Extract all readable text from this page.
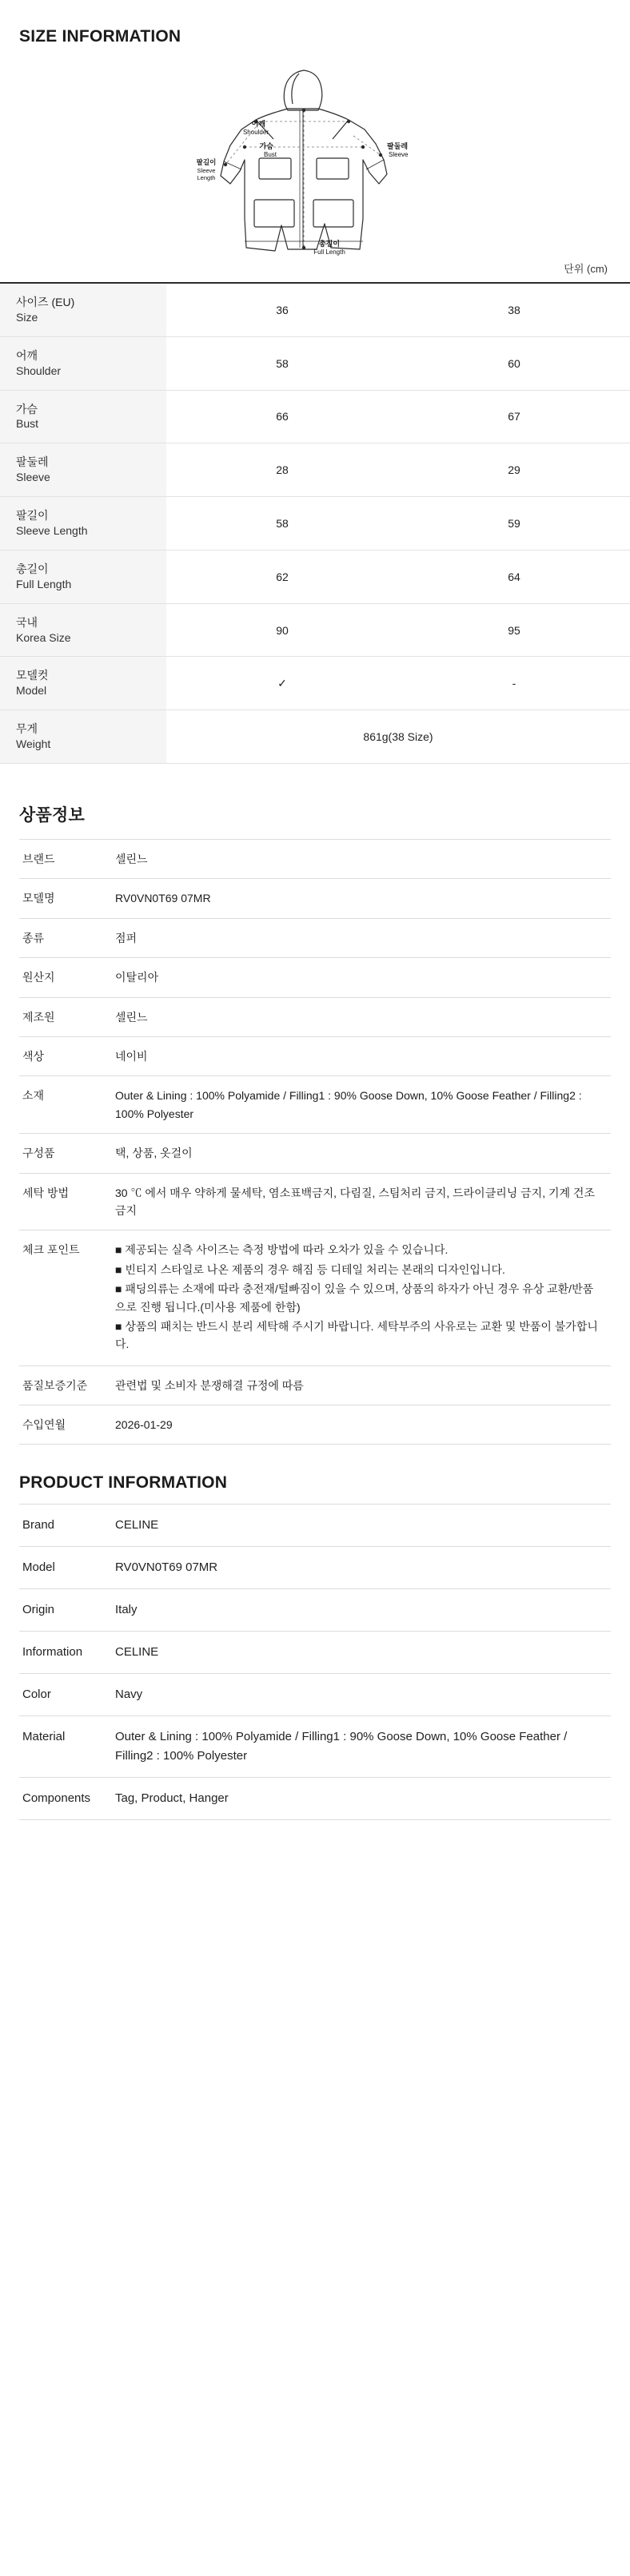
SIZE INFORMATION
팔길이
Sleeve
Length
어깨
Shoulder
가슴
Bust
팔둘레
Sleeve
총길이
Full Length
단위 (cm)
사이즈 (EU)
Size	36	38

어깨
Shoulder	58	60

가슴
Bust	66	67

팔둘레
Sleeve	28	29

팔길이
Sleeve Length	58	59

총길이
Full Length	62	64

국내
Korea Size	90	95

모델컷
Model	✓	-

무게
Weight	861g(38 Size)	
상품정보
브랜드	셀린느
모델명	RV0VN0T69 07MR
종류	점퍼
원산지	이탈리아
제조원	셀린느
색상	네이비
소재	Outer & Lining : 100% Polyamide / Filling1 : 90% Goose Down, 10% Goose Feather / Filling2 : 100% Polyester
구성품	택, 상품, 옷걸이
세탁 방법	30 ℃ 에서 매우 약하게 물세탁, 염소표백금지, 다림질, 스팀처리 금지, 드라이클리닝 금지, 기계 건조 금지
체크 포인트	■ 제공되는 실측 사이즈는 측정 방법에 따라 오차가 있을 수 있습니다.

■ 빈티지 스타일로 나온 제품의 경우 해짐 등 디테일 처리는 본래의 디자인입니다.

■ 패딩의류는 소재에 따라 충전재/털빠짐이 있을 수 있으며, 상품의 하자가 아닌 경우 유상 교환/반품으로 진행 됩니다.(미사용 제품에 한함)

■ 상품의 패치는 반드시 분리 세탁해 주시기 바랍니다. 세탁부주의 사유로는 교환 및 반품이 불가합니다.

품질보증기준	관련법 및 소비자 분쟁해결 규정에 따름
수입연월	2026-01-29
PRODUCT INFORMATION
Brand	CELINE
Model	RV0VN0T69 07MR
Origin	Italy
Information	CELINE
Color	Navy
Material	Outer & Lining : 100% Polyamide / Filling1 : 90% Goose Down, 10% Goose Feather / Filling2 : 100% Polyester
Components	Tag, Product, Hanger
